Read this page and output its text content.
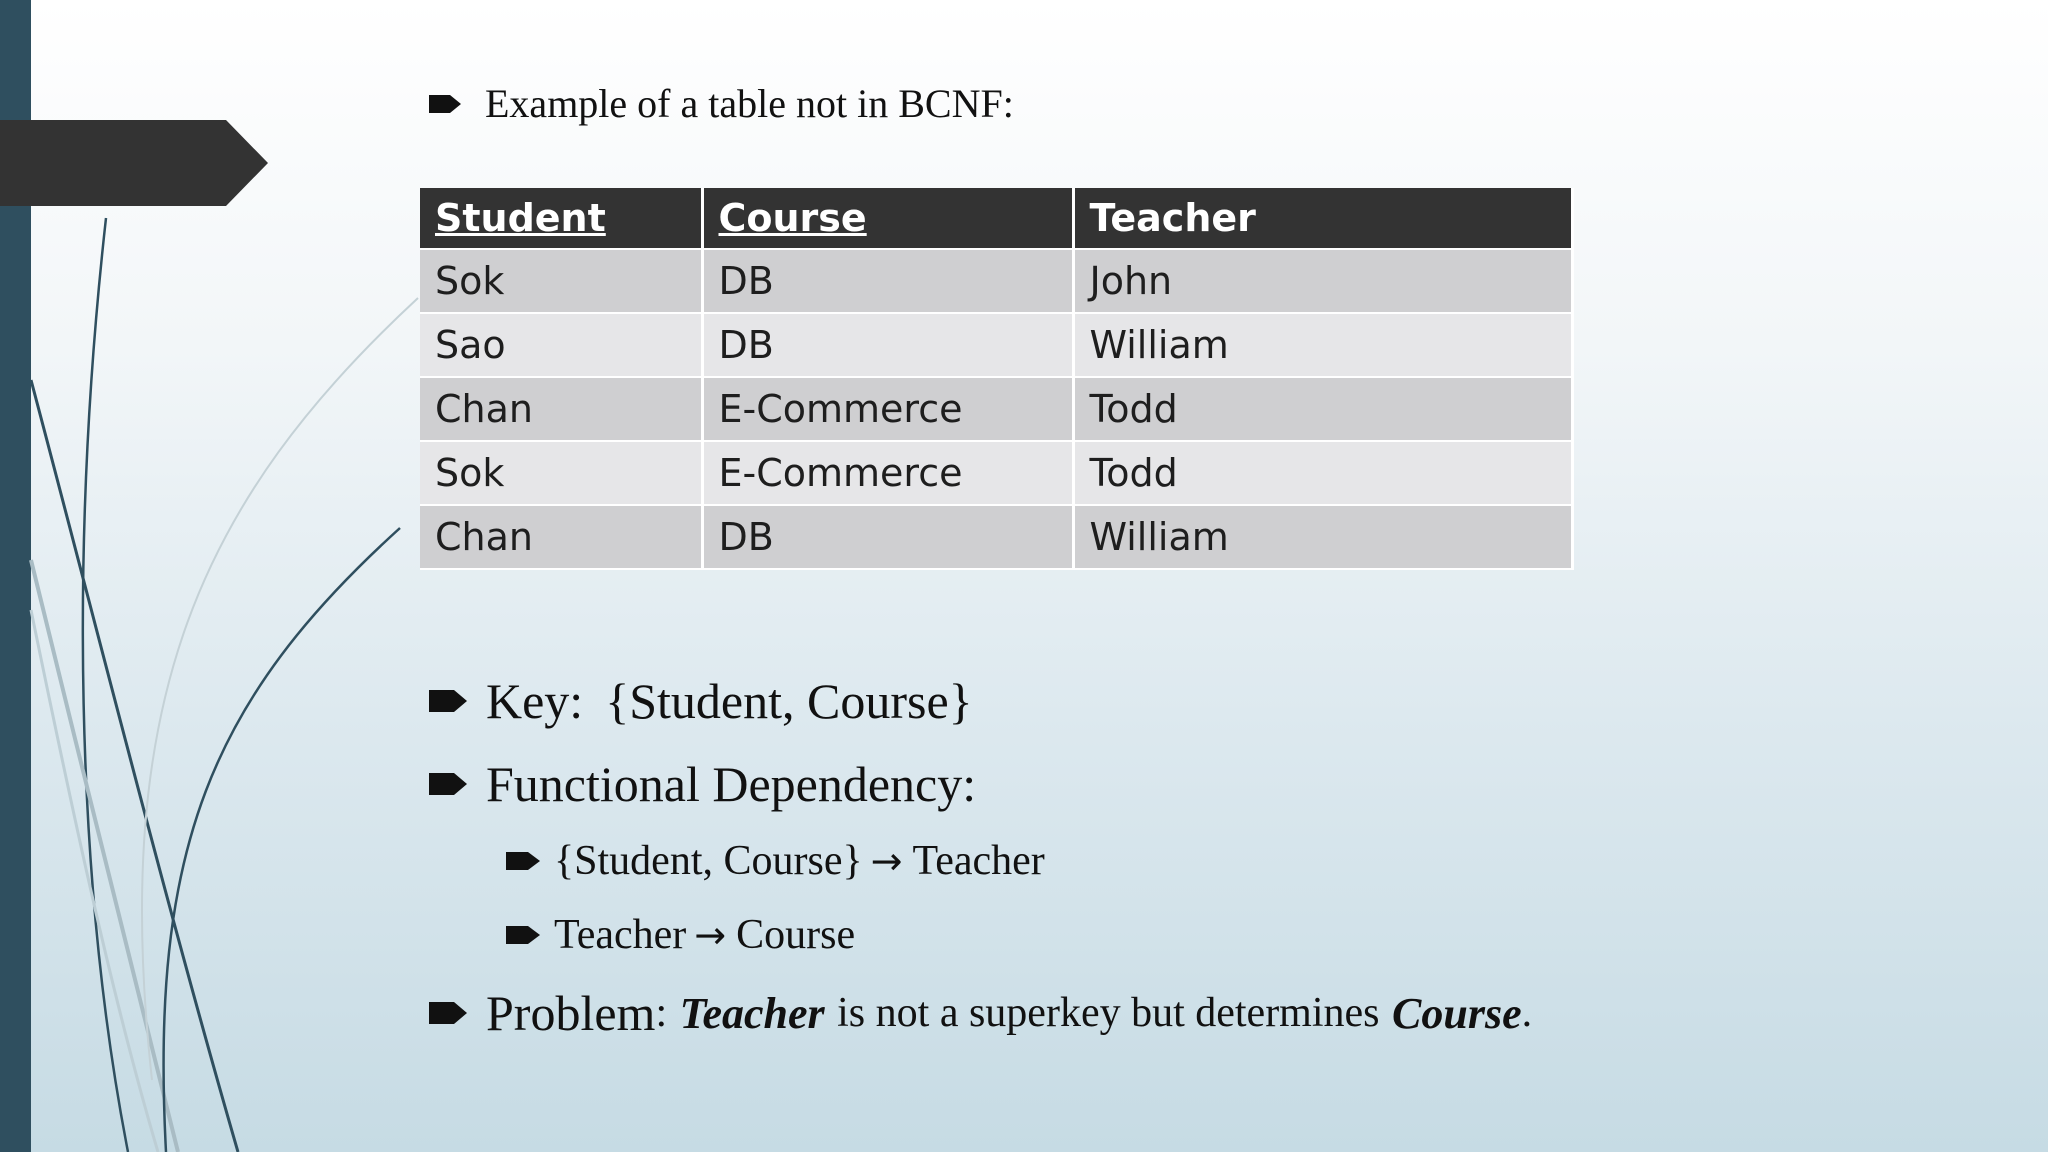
Example of a table not in BCNF:
Student	Course	Teacher
Sok	DB	John
Sao	DB	William
Chan	E-Commerce	Todd
Sok	E-Commerce	Todd
Chan	DB	William
Key: {Student, Course}
Functional Dependency:
{Student, Course} → Teacher
Teacher → Course
Problem :
Teacher
is not a superkey but determines
Course .
